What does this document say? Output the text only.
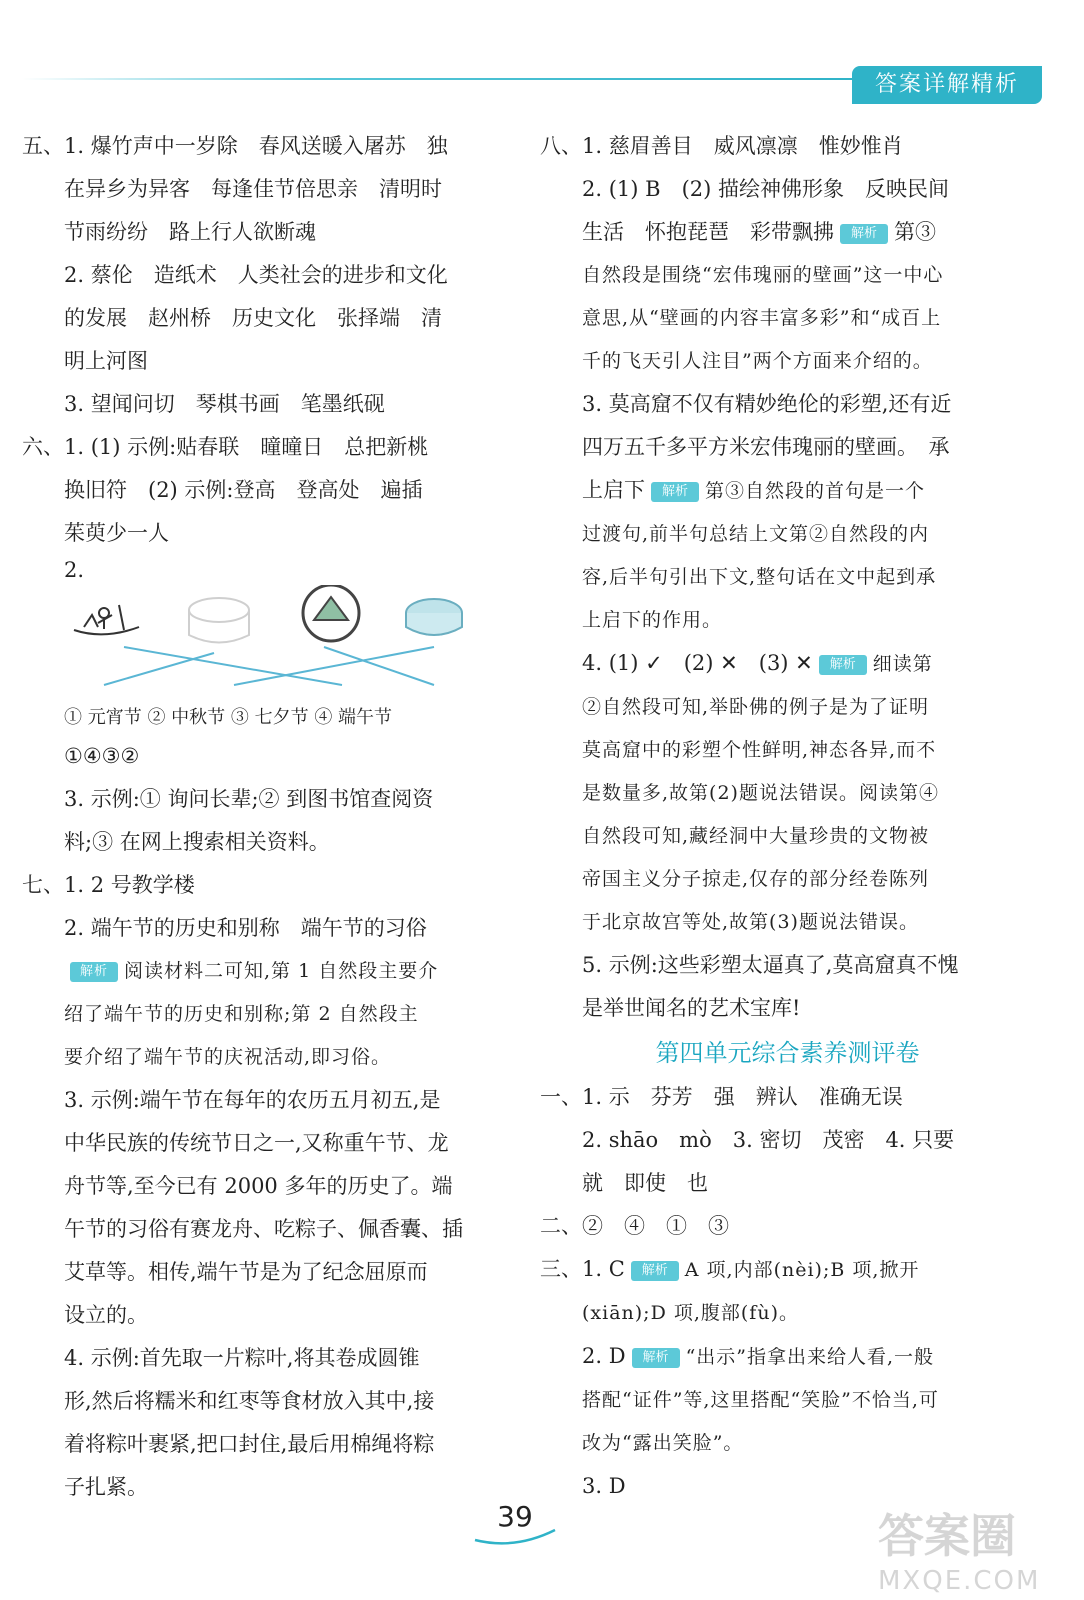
答案详解精析

五、1. 爆竹声中一岁除　春风送暖入屠苏　独

在异乡为异客　每逢佳节倍思亲　清明时

节雨纷纷　路上行人欲断魂

2. 蔡伦　造纸术　人类社会的进步和文化

的发展　赵州桥　历史文化　张择端　清

明上河图

3. 望闻问切　琴棋书画　笔墨纸砚

六、1. (1) 示例:贴春联　曈曈日　总把新桃

换旧符　(2) 示例:登高　登高处　遍插

茱萸少一人

2.

① 元宵节 ② 中秋节 ③ 七夕节 ④ 端午节

①④③②

3. 示例:① 询问长辈;② 到图书馆查阅资

料;③ 在网上搜索相关资料。

七、1. 2 号教学楼

2. 端午节的历史和别称　端午节的习俗

解析 阅读材料二可知,第 1 自然段主要介

绍了端午节的历史和别称;第 2 自然段主

要介绍了端午节的庆祝活动,即习俗。

3. 示例:端午节在每年的农历五月初五,是

中华民族的传统节日之一,又称重午节、龙

舟节等,至今已有 2000 多年的历史了。端

午节的习俗有赛龙舟、吃粽子、佩香囊、插

艾草等。相传,端午节是为了纪念屈原而

设立的。

4. 示例:首先取一片粽叶,将其卷成圆锥

形,然后将糯米和红枣等食材放入其中,接

着将粽叶裹紧,把口封住,最后用棉绳将粽

子扎紧。

八、1. 慈眉善目　威风凛凛　惟妙惟肖

2. (1) B　(2) 描绘神佛形象　反映民间

生活　怀抱琵琶　彩带飘拂 解析 第③

自然段是围绕“宏伟瑰丽的壁画”这一中心

意思,从“壁画的内容丰富多彩”和“成百上

千的飞天引人注目”两个方面来介绍的。

3. 莫高窟不仅有精妙绝伦的彩塑,还有近

四万五千多平方米宏伟瑰丽的壁画。　承

上启下 解析 第③自然段的首句是一个

过渡句,前半句总结上文第②自然段的内

容,后半句引出下文,整句话在文中起到承

上启下的作用。

4. (1) ✓　(2) ✕　(3) ✕ 解析 细读第

②自然段可知,举卧佛的例子是为了证明

莫高窟中的彩塑个性鲜明,神态各异,而不

是数量多,故第(2)题说法错误。阅读第④

自然段可知,藏经洞中大量珍贵的文物被

帝国主义分子掠走,仅存的部分经卷陈列

于北京故宫等处,故第(3)题说法错误。

5. 示例:这些彩塑太逼真了,莫高窟真不愧

是举世闻名的艺术宝库!

第四单元综合素养测评卷

一、1. 示　芬芳　强　辨认　准确无误

2. shāo　mò　3. 密切　茂密　4. 只要

就　即使　也

二、②　④　①　③

三、1. C 解析 A 项,内部(nèi);B 项,掀开

(xiān);D 项,腹部(fù)。

2. D 解析 “出示”指拿出来给人看,一般

搭配“证件”等,这里搭配“笑脸”不恰当,可

改为“露出笑脸”。

3. D

39	答案圈
MXQE.COM
